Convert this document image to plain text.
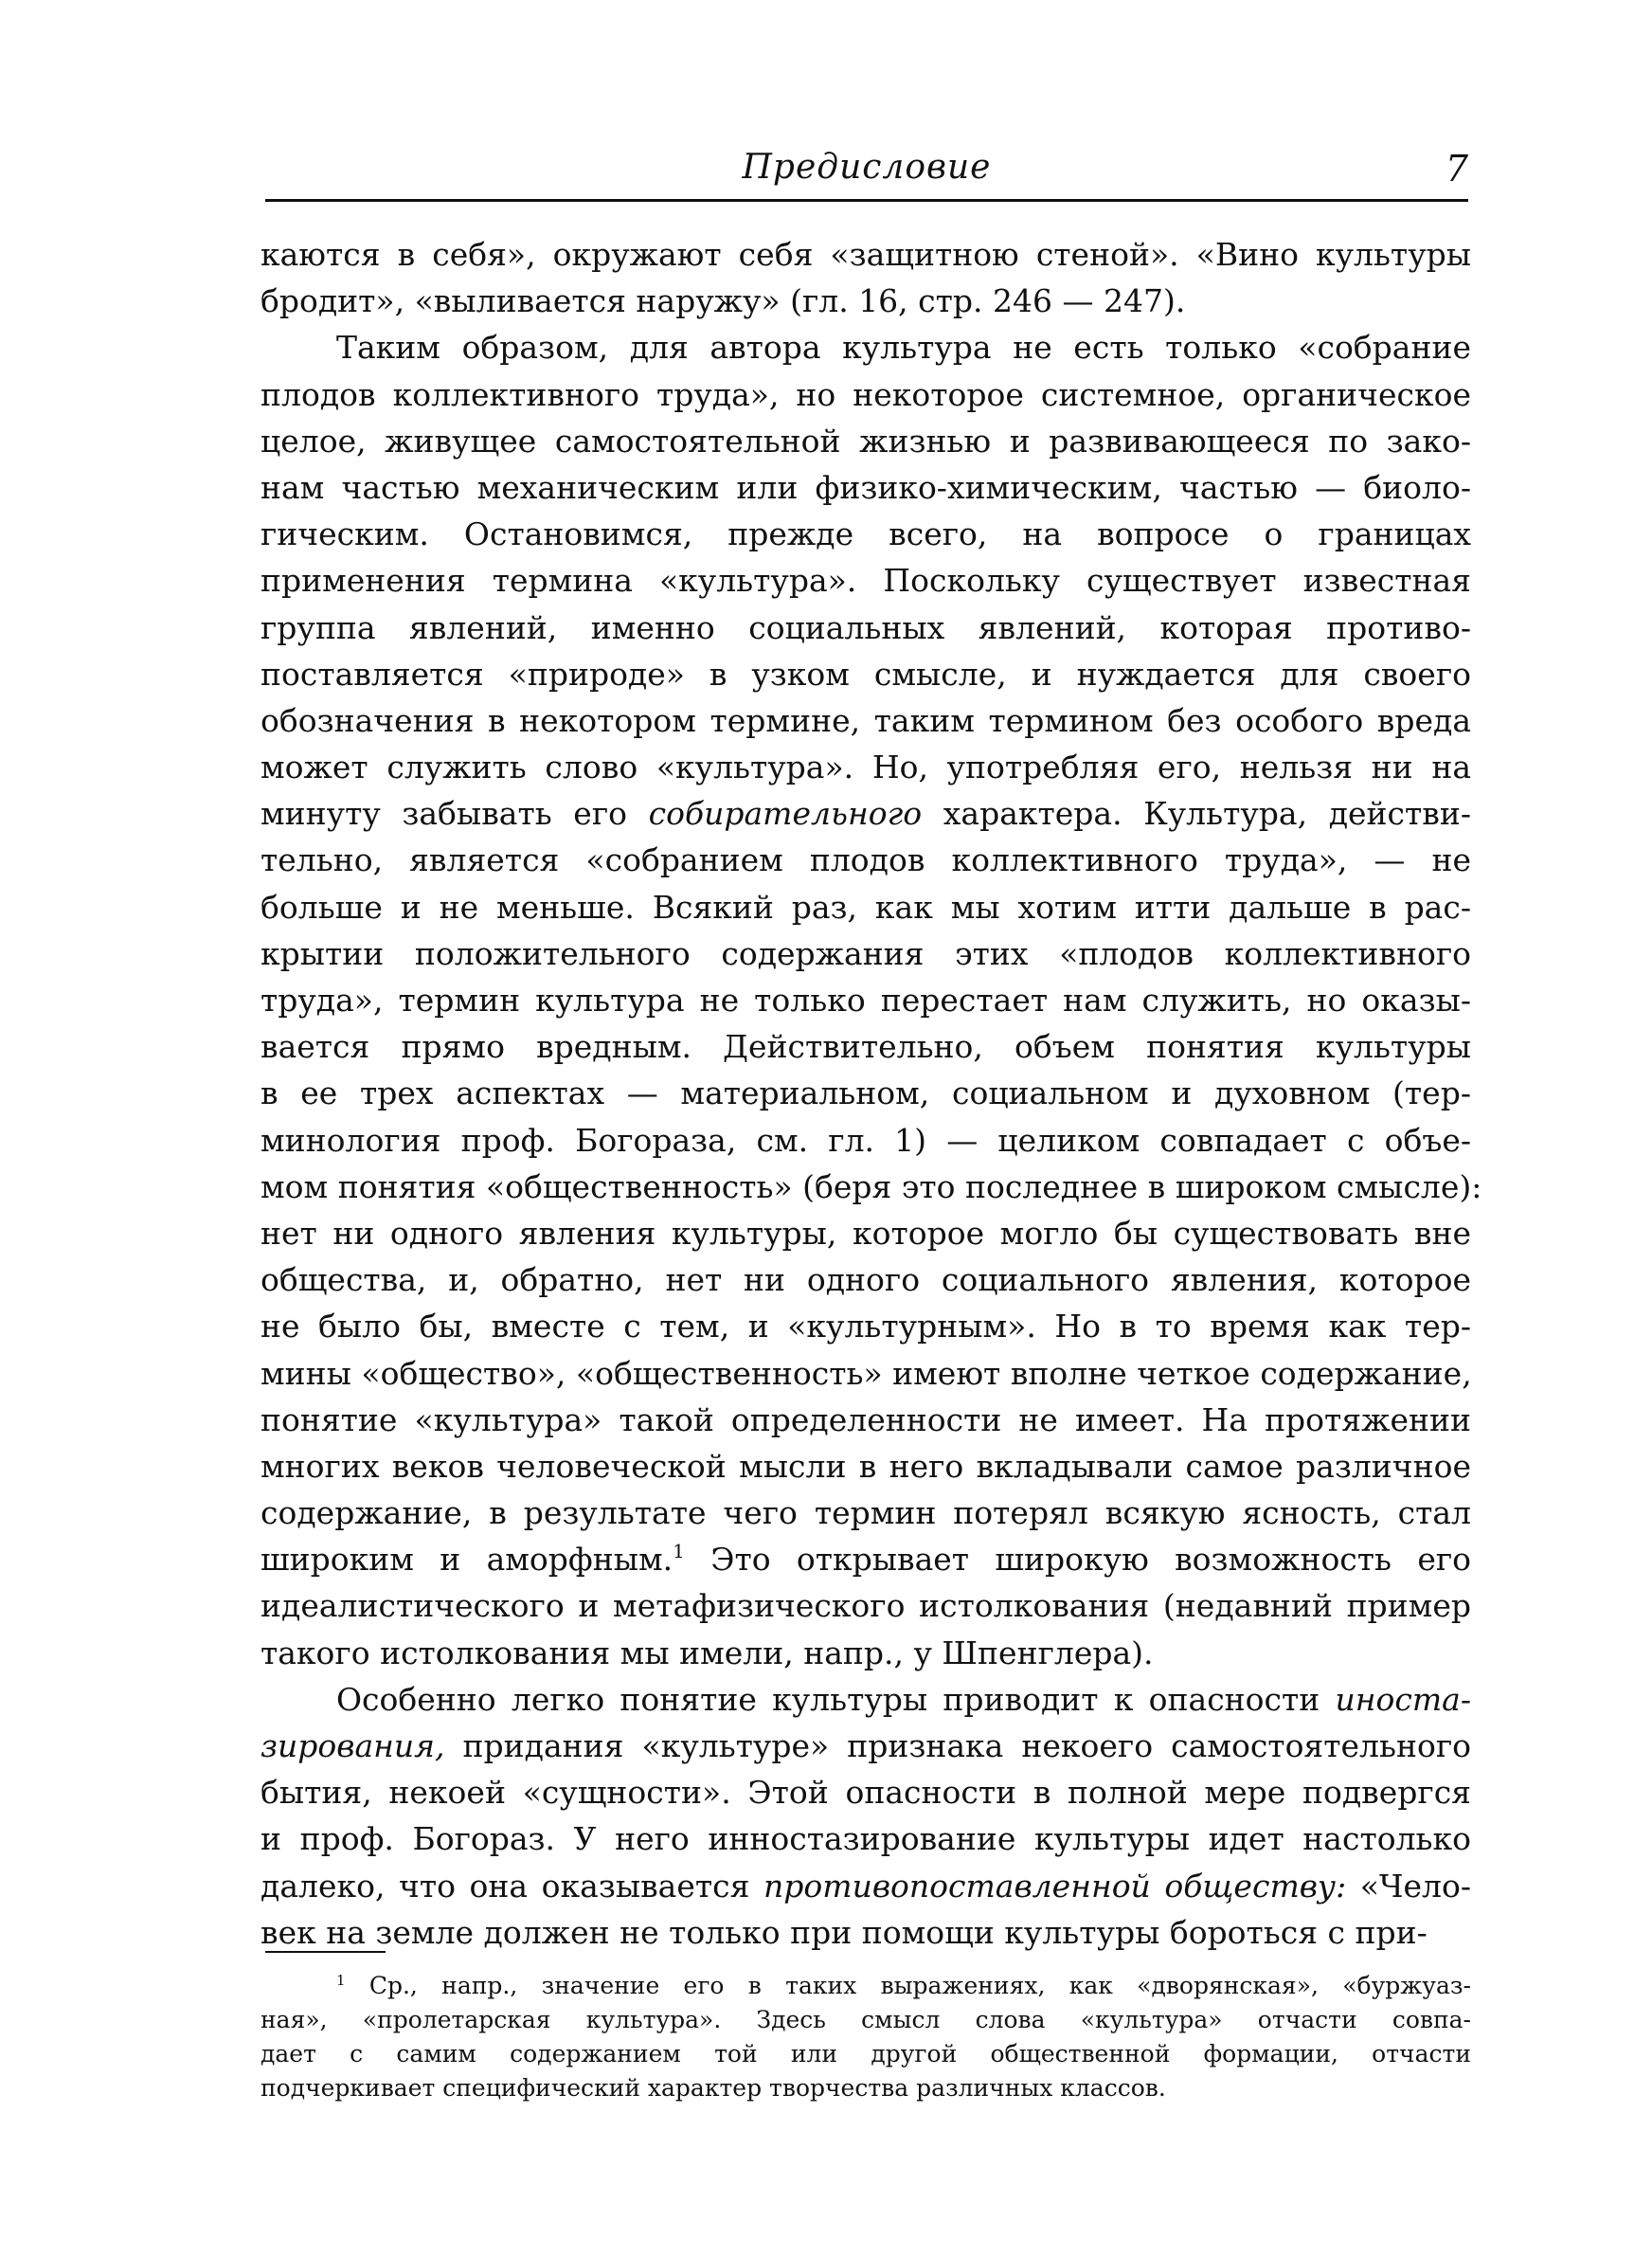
Предисловие	7
каются в себя», окружают себя «защитною стеной». «Вино культуры
бродит», «выливается наружу» (гл. 16, стр. 246 — 247).
Таким образом, для автора культура не есть только «собрание
плодов коллективного труда», но некоторое системное, органическое
целое, живущее самостоятельной жизнью и развивающееся по зако-
нам частью механическим или физико-химическим, частью — биоло-
гическим. Остановимся, прежде всего, на вопросе о границах
применения термина «культура». Поскольку существует известная
группа явлений, именно социальных явлений, которая противо-
поставляется «природе» в узком смысле, и нуждается для своего
обозначения в некотором термине, таким термином без особого вреда
может служить слово «культура». Но, употребляя его, нельзя ни на
минуту забывать его собирательного характера. Культура, действи-
тельно, является «собранием плодов коллективного труда», — не
больше и не меньше. Всякий раз, как мы хотим итти дальше в рас-
крытии положительного содержания этих «плодов коллективного
труда», термин культура не только перестает нам служить, но оказы-
вается прямо вредным. Действительно, объем понятия культуры
в ее трех аспектах — материальном, социальном и духовном (тер-
минология проф. Богораза, см. гл. 1) — целиком совпадает с объе-
мом понятия «общественность» (беря это последнее в широком смысле):
нет ни одного явления культуры, которое могло бы существовать вне
общества, и, обратно, нет ни одного социального явления, которое
не было бы, вместе с тем, и «культурным». Но в то время как тер-
мины «общество», «общественность» имеют вполне четкое содержание,
понятие «культура» такой определенности не имеет. На протяжении
многих веков человеческой мысли в него вкладывали самое различное
содержание, в результате чего термин потерял всякую ясность, стал
широким и аморфным.$^1$ Это открывает широкую возможность его
идеалистического и метафизического истолкования (недавний пример
такого истолкования мы имели, напр., у Шпенглера).
Особенно легко понятие культуры приводит к опасности иноста-
зирования, придания «культуре» признака некоего самостоятельного
бытия, некоей «сущности». Этой опасности в полной мере подвергся
и проф. Богораз. У него инностазирование культуры идет настолько
далеко, что она оказывается противопоставленной обществу: «Чело-
век на земле должен не только при помощи культуры бороться с при-
$^1$ Ср., напр., значение его в таких выражениях, как «дворянская», «буржуаз-
ная», «пролетарская культура». Здесь смысл слова «культура» отчасти совпа-
дает с самим содержанием той или другой общественной формации, отчасти
подчеркивает специфический характер творчества различных классов.
